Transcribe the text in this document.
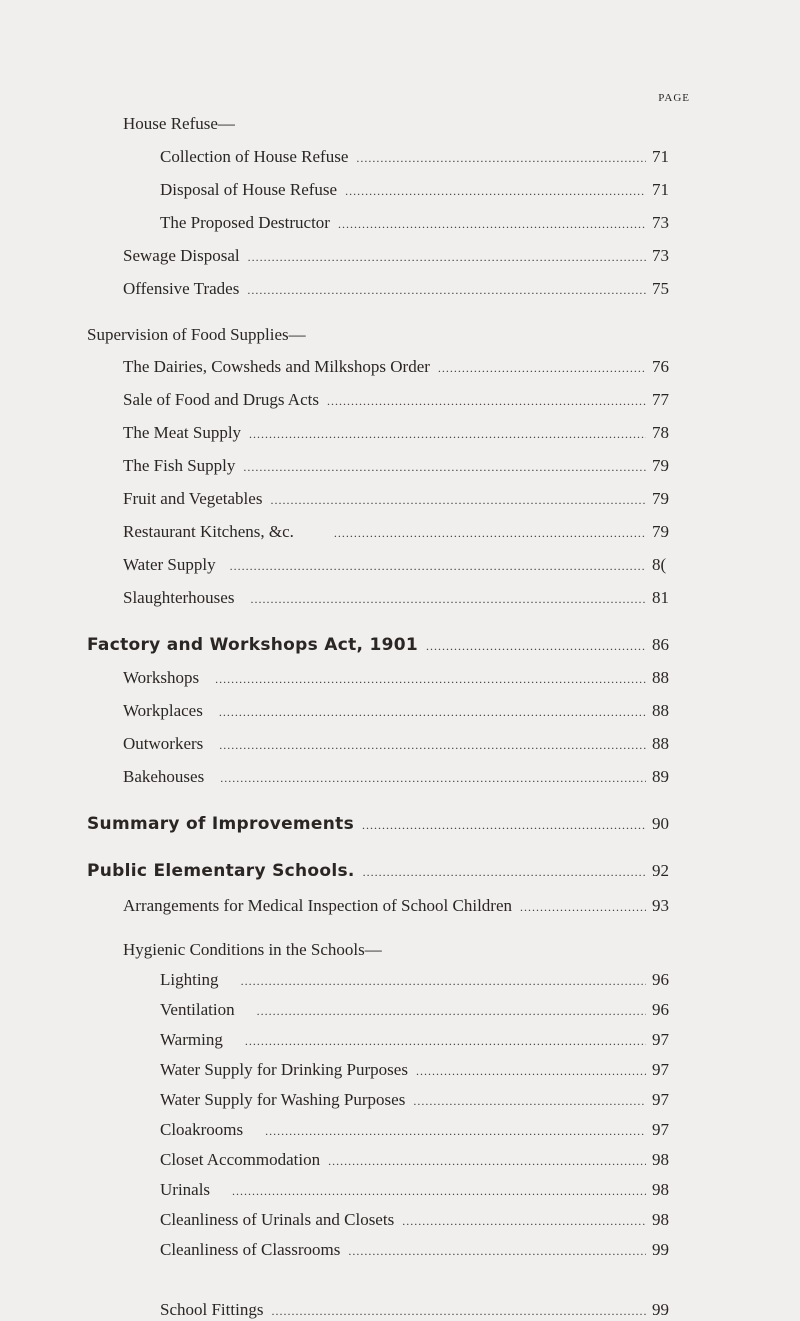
PAGE
House Refuse—
Collection of House Refuse .....	71
Disposal of House Refuse .....	71
The Proposed Destructor .....	73
Sewage Disposal .....	73
Offensive Trades .....	75
Supervision of Food Supplies—
The Dairies, Cowsheds and Milkshops Order .....	76
Sale of Food and Drugs Acts .....	77
The Meat Supply .....	78
The Fish Supply .....	79
Fruit and Vegetables .....	79
Restaurant Kitchens, &c. .....	79
Water Supply .....	8(
Slaughterhouses .....	81
Factory and Workshops Act, 1901 .....	86
Workshops .....	88
Workplaces .....	88
Outworkers .....	88
Bakehouses .....	89
Summary of Improvements .....	90
Public Elementary Schools. .....	92
Arrangements for Medical Inspection of School Children .....	93
Hygienic Conditions in the Schools—
Lighting .....	96
Ventilation .....	96
Warming .....	97
Water Supply for Drinking Purposes .....	97
Water Supply for Washing Purposes .....	97
Cloakrooms .....	97
Closet Accommodation .....	98
Urinals .....	98
Cleanliness of Urinals and Closets .....	98
Cleanliness of Classrooms .....	99
School Fittings .....	99
